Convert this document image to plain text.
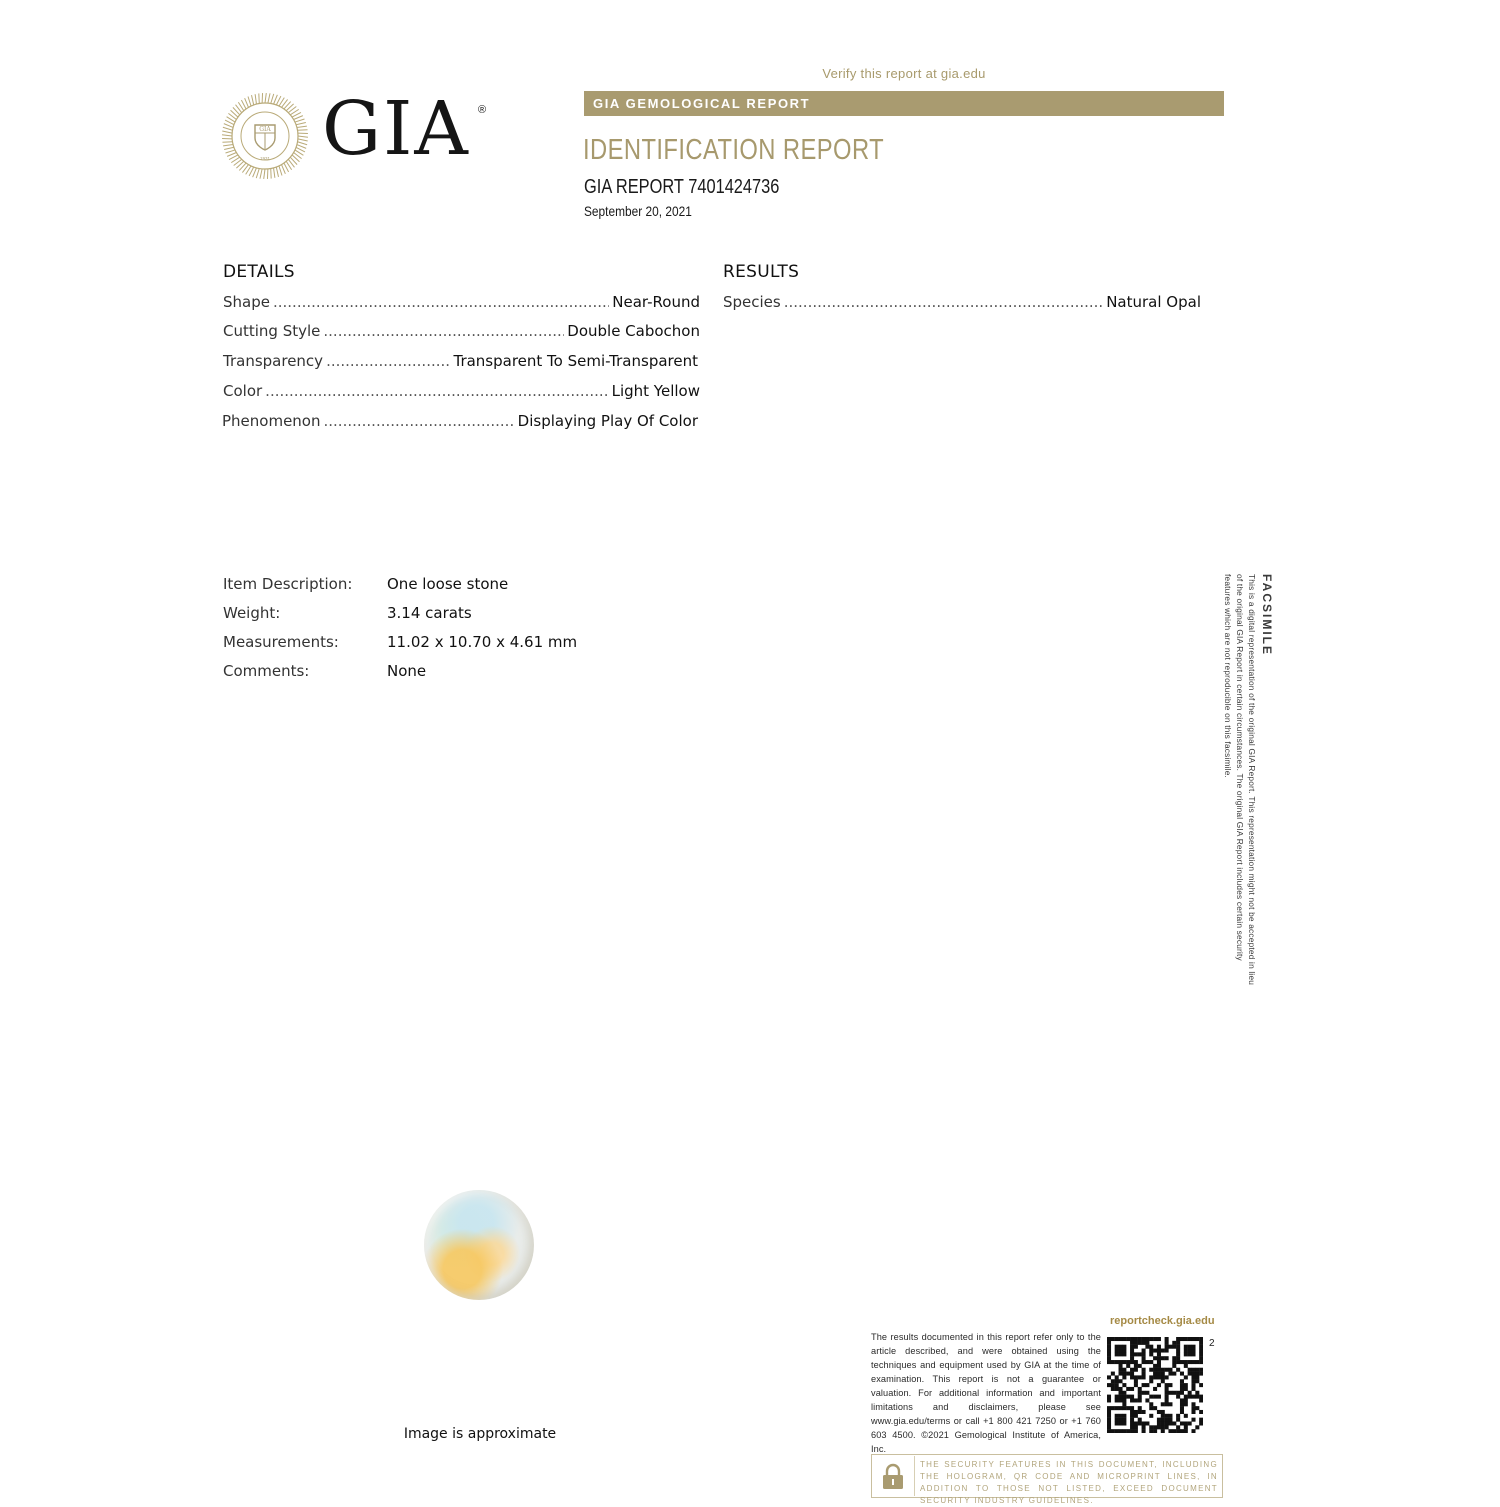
Verify this report at gia.edu
GIA GEMOLOGICAL REPORT
IDENTIFICATION REPORT
GIA REPORT 7401424736
September 20, 2021
GIA
1931 GIA ®
DETAILS
Shape .....	Near-Round
Cutting Style .....	Double Cabochon
Transparency .....	Transparent To Semi-Transparent
Color .....	Light Yellow
Phenomenon .....	Displaying Play Of Color
RESULTS
Species .....	Natural Opal
Item Description: One loose stone
Weight:	3.14 carats
Measurements:	11.02 x 10.70 x 4.61 mm
Comments:	None
FACSIMILE
This is a digital representation of the original GIA Report. This representation might not be accepted in lieu of the original GIA Report in certain circumstances. The original GIA Report includes certain security features which are not reproducible on this facsimile.
Image is approximate
reportcheck.gia.edu
The results documented in this report refer only to the article described, and were obtained using the techniques and equipment used by GIA at the time of examination. This report is not a guarantee or valuation. For additional information and important limitations and disclaimers, please see www.gia.edu/terms or call +1 800 421 7250 or +1 760 603 4500. ©2021 Gemological Institute of America, Inc.
2
THE SECURITY FEATURES IN THIS DOCUMENT, INCLUDING THE HOLOGRAM, QR CODE AND MICROPRINT LINES, IN ADDITION TO THOSE NOT LISTED, EXCEED DOCUMENT SECURITY INDUSTRY GUIDELINES.
